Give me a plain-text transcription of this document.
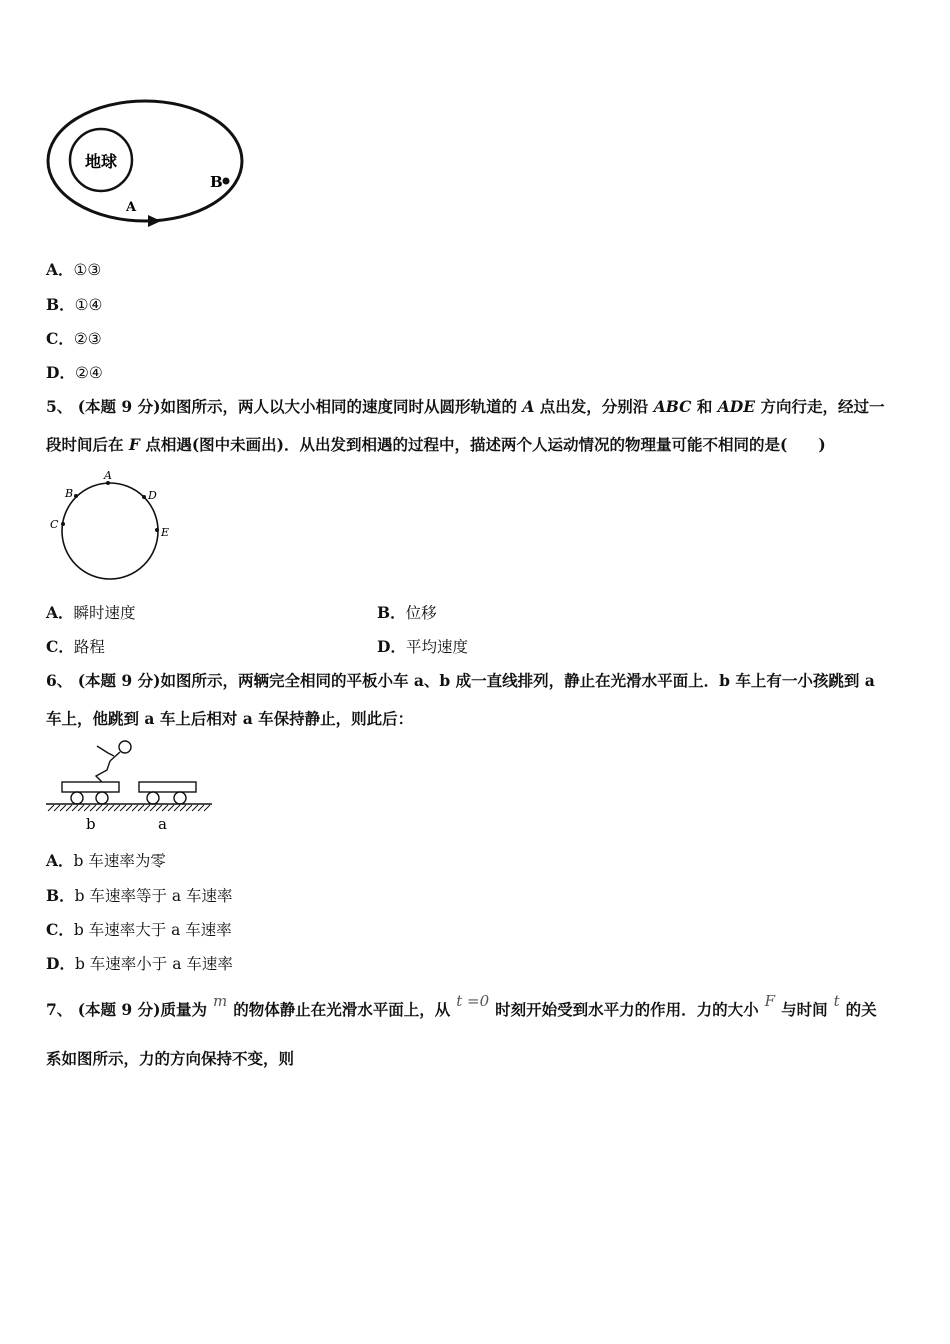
地球
B
A
A．①③
B．①④
C．②③
D．②④
5、 (本题 9 分)如图所示，两人以大小相同的速度同时从圆形轨道的 A 点出发，分别沿 ABC 和 ADE 方向行走，经过一
段时间后在 F 点相遇(图中未画出)．从出发到相遇的过程中，描述两个人运动情况的物理量可能不相同的是(　　)
A
B
C
D
E
A．瞬时速度	B．位移
C．路程	D．平均速度
6、 (本题 9 分)如图所示，两辆完全相同的平板小车 a、b 成一直线排列，静止在光滑水平面上．b 车上有一小孩跳到 a
车上，他跳到 a 车上后相对 a 车保持静止，则此后：
b	a
A．b 车速率为零
B．b 车速率等于 a 车速率
C．b 车速率大于 a 车速率
D．b 车速率小于 a 车速率
7、 (本题 9 分)质量为 m 的物体静止在光滑水平面上，从 t =0 时刻开始受到水平力的作用．力的大小 F 与时间 t 的关
系如图所示，力的方向保持不变，则
